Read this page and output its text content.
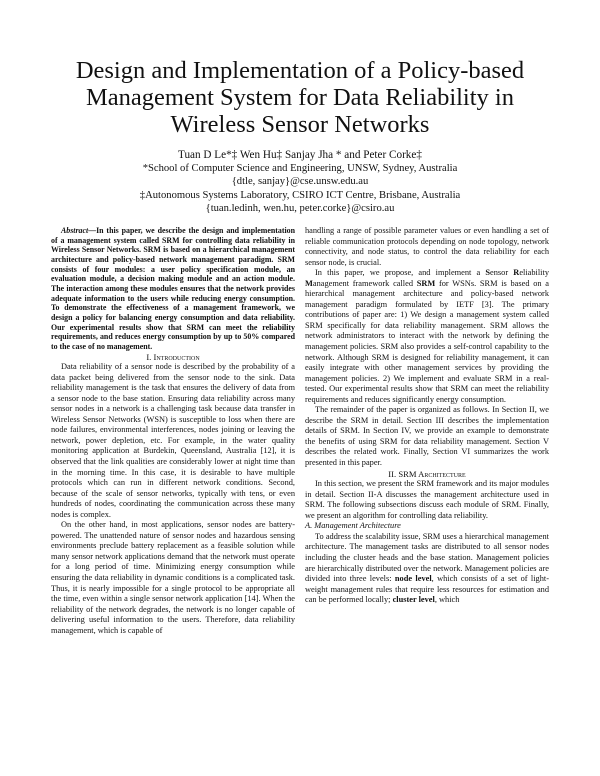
Design and Implementation of a Policy-based
Management System for Data Reliability in
Wireless Sensor Networks
Tuan D Le*‡ Wen Hu‡ Sanjay Jha * and Peter Corke‡
*School of Computer Science and Engineering, UNSW, Sydney, Australia
{dtle, sanjay}@cse.unsw.edu.au
‡Autonomous Systems Laboratory, CSIRO ICT Centre, Brisbane, Australia
{tuan.ledinh, wen.hu, peter.corke}@csiro.au

Abstract—In this paper, we describe the design and implementation of a management system called SRM for controlling data reliability in Wireless Sensor Networks. SRM is based on a hierarchical management architecture and policy-based network management paradigm. SRM consists of four modules: a user policy specification module, an evaluation module, a decision making module and an action module. The interaction among these modules ensures that the network provides adequate information to the users while reducing energy consumption. To demonstrate the effectiveness of a management framework, we design a policy for balancing energy consumption and data reliability. Our experimental results show that SRM can meet the reliability requirements, and reduces energy consumption by up to 50% compared to the case of no management.

I. Introduction

Data reliability of a sensor node is described by the probability of a data packet being delivered from the sensor node to the sink. Data reliability management is the task that ensures the delivery of data from a sensor node to the base station. Ensuring data reliability across many sensor nodes in a network is a challenging task because data transfer in Wireless Sensor Networks (WSN) is susceptible to loss when there are node failures, environmental interferences, nodes joining or leaving the network, power depletion, etc. For example, in the water quality monitoring application at Burdekin, Queensland, Australia [12], it is observed that the link qualities are considerably lower at night time than in the morning time. In this case, it is desirable to have multiple protocols which can run in different network conditions. Second, because of the scale of sensor networks, typically with tens, or even hundreds of nodes, coordinating the communication across these many nodes is complex.

On the other hand, in most applications, sensor nodes are battery-powered. The unattended nature of sensor nodes and hazardous sensing environments preclude battery replacement as a feasible solution while many sensor network applications demand that the network must operate for a long period of time. Minimizing energy consumption while ensuring the data reliability in dynamic conditions is a complicated task. Thus, it is nearly impossible for a single protocol to be appropriate all the time, even within a single sensor network application [14]. When the reliability of the network degrades, the network is no longer capable of delivering useful information to the users. Therefore, data reliability management, which is capable of

handling a range of possible parameter values or even handling a set of reliable communication protocols depending on node topology, network connectivity, and node status, to control the data reliability for each sensor node, is crucial.

In this paper, we propose, and implement a Sensor Reliability Management framework called SRM for WSNs. SRM is based on a hierarchical management architecture and policy-based network management paradigm formulated by IETF [3]. The primary contributions of paper are: 1) We design a management system called SRM specifically for data reliability management. SRM allows the network administrators to interact with the network by defining the management policies. SRM also provides a self-control capability to the network. Although SRM is designed for reliability management, it can easily integrate with other management services by providing the management policies. 2) We implement and evaluate SRM in a real-tested. Our experimental results show that SRM can meet the reliability requirements and reduces significantly energy consumption.

The remainder of the paper is organized as follows. In Section II, we describe the SRM in detail. Section III describes the implementation details of SRM. In Section IV, we provide an example to demonstrate the benefits of using SRM for data reliability management. Section V describes the related work. Finally, Section VI summarizes the work presented in this paper.

II. SRM Architecture

In this section, we present the SRM framework and its major modules in detail. Section II-A discusses the management architecture used in SRM. The following subsections discuss each module of SRM. Finally, we present an algorithm for controlling data reliability.

A. Management Architecture

To address the scalability issue, SRM uses a hierarchical management architecture. The management tasks are distributed to all sensor nodes including the cluster heads and the base station. Management policies are hierarchically distributed over the network. Management policies are divided into three levels: node level, which consists of a set of light-weight management rules that require less resources for estimation and can be performed locally; cluster level, which
